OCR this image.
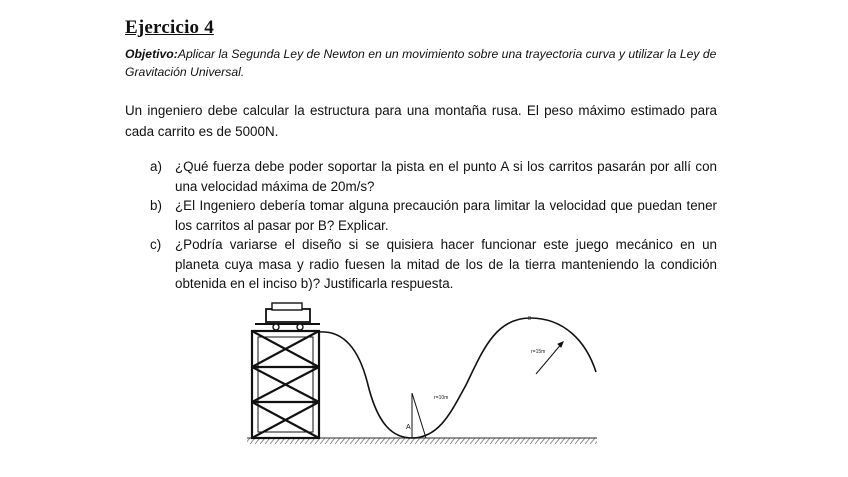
Ejercicio 4
Objetivo:Aplicar la Segunda Ley de Newton en un movimiento sobre una trayectoria curva y utilizar la Ley de Gravitación Universal.
Un ingeniero debe calcular la estructura para una montaña rusa. El peso máximo estimado para cada carrito es de 5000N.
a) ¿Qué fuerza debe poder soportar la pista en el punto A si los carritos pasarán por allí con una velocidad máxima de 20m/s?
b) ¿El Ingeniero debería tomar alguna precaución para limitar la velocidad que puedan tener los carritos al pasar por B? Explicar.
c)	¿Podría variarse el diseño si se quisiera hacer funcionar este juego mecánico en un planeta cuya masa y radio fuesen la mitad de los de la tierra manteniendo la condición obtenida en el inciso b)? Justificarla respuesta.
r=10m
A
r=15m
B
